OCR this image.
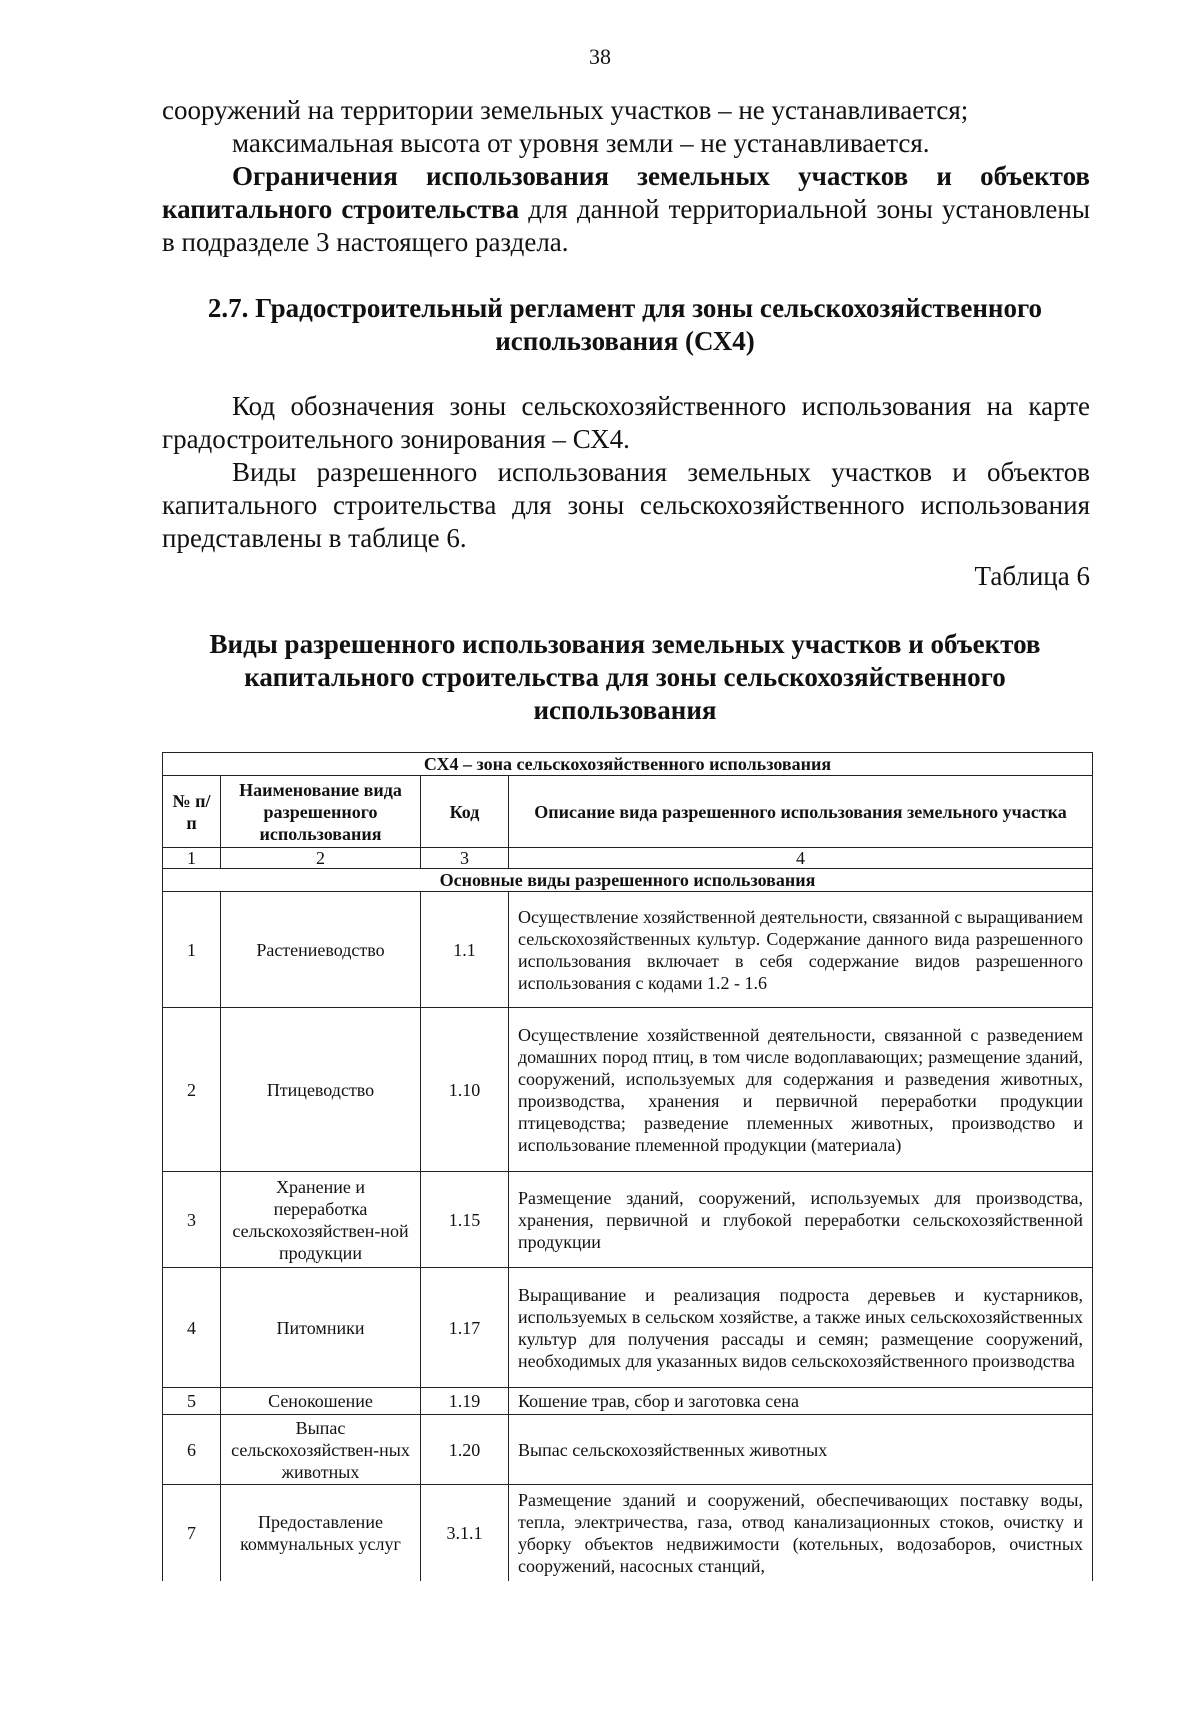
38
сооружений на территории земельных участков – не устанавливается;
максимальная высота от уровня земли – не устанавливается.
Ограничения использования земельных участков и объектов капитального строительства для данной территориальной зоны установлены в подразделе 3 настоящего раздела.
2.7. Градостроительный регламент для зоны сельскохозяйственного использования (СХ4)
Код обозначения зоны сельскохозяйственного использования на карте градостроительного зонирования – СХ4.
Виды разрешенного использования земельных участков и объектов капитального строительства для зоны сельскохозяйственного использования представлены в таблице 6.
Таблица 6
Виды разрешенного использования земельных участков и объектов капитального строительства для зоны сельскохозяйственного использования
СХ4 – зона сельскохозяйственного использования			
№ п/п	Наименование вида разрешенного использования	Код	Описание вида разрешенного использования земельного участка
1	2	3	4
Основные виды разрешенного использования			
1	Растениеводство	1.1	Осуществление хозяйственной деятельности, связанной с выращиванием сельскохозяйственных культур. Содержание данного вида разрешенного использования включает в себя содержание видов разрешенного использования с кодами 1.2 - 1.6
2	Птицеводство	1.10	Осуществление хозяйственной деятельности, связанной с разведением домашних пород птиц, в том числе водоплавающих; размещение зданий, сооружений, используемых для содержания и разведения животных, производства, хранения и первичной переработки продукции птицеводства; разведение племенных животных, производство и использование племенной продукции (материала)
3	Хранение и переработка сельскохозяйствен-ной продукции	1.15	Размещение зданий, сооружений, используемых для производства, хранения, первичной и глубокой переработки сельскохозяйственной продукции
4	Питомники	1.17	Выращивание и реализация подроста деревьев и кустарников, используемых в сельском хозяйстве, а также иных сельскохозяйственных культур для получения рассады и семян; размещение сооружений, необходимых для указанных видов сельскохозяйственного производства
5	Сенокошение	1.19	Кошение трав, сбор и заготовка сена
6	Выпас сельскохозяйствен-ных животных	1.20	Выпас сельскохозяйственных животных
7	Предоставление коммунальных услуг	3.1.1	Размещение зданий и сооружений, обеспечивающих поставку воды, тепла, электричества, газа, отвод канализационных стоков, очистку и уборку объектов недвижимости (котельных, водозаборов, очистных сооружений, насосных станций,
